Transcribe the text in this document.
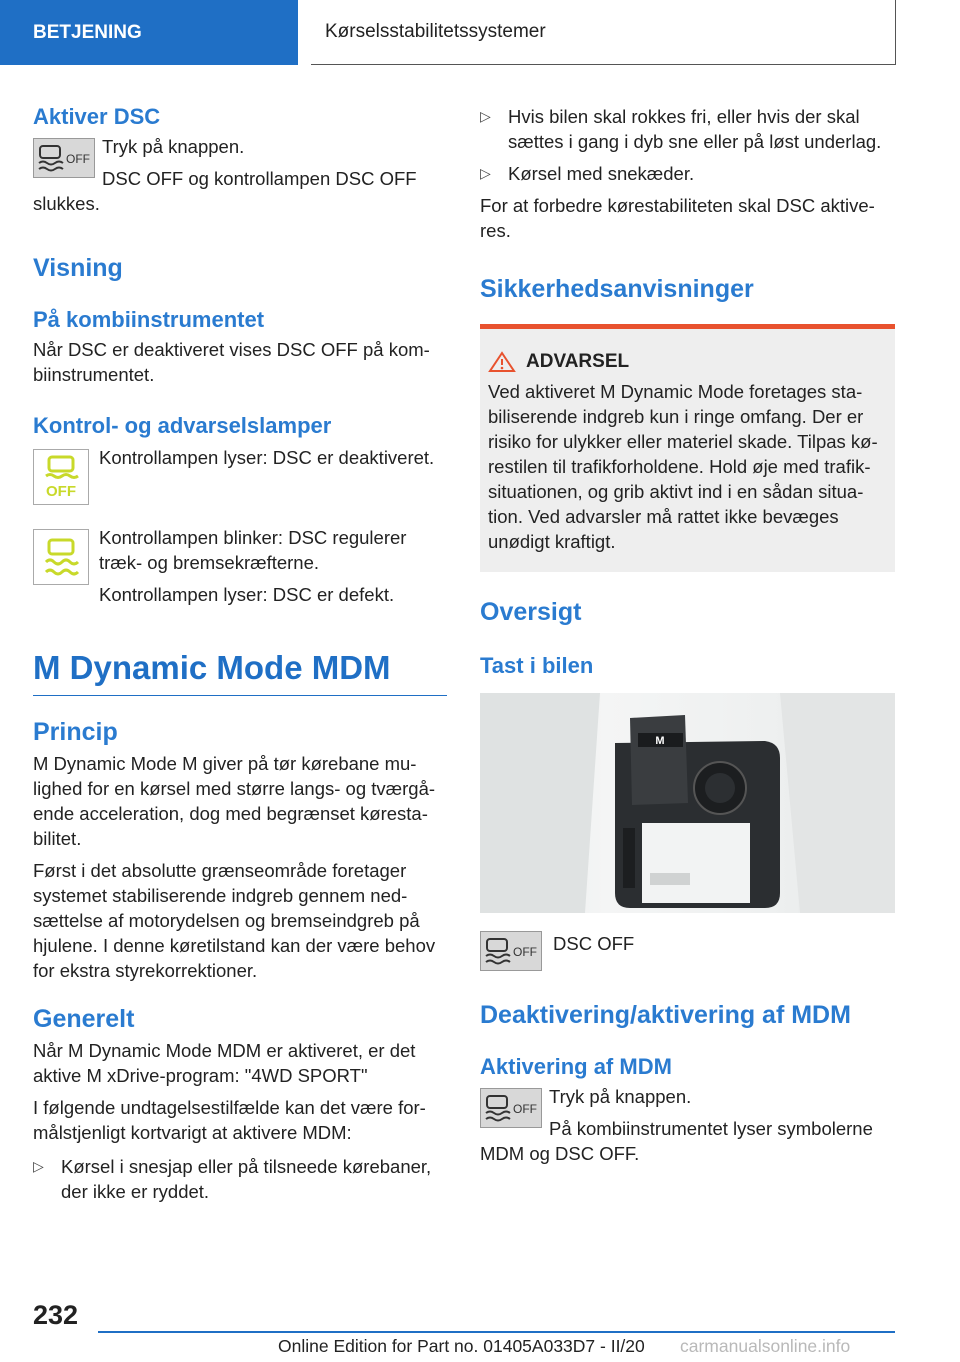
BETJENING	Kørselsstabilitetssystemer
Aktiver DSC
OFF

Tryk på knappen.

DSC OFF og kontrollampen DSC OFF

slukkes.

Visning
På kombiinstrumentet

Når DSC er deaktiveret vises DSC OFF på kom-biinstrumentet.

Kontrol- og advarselslamper
OFF

Kontrollampen lyser: DSC er deaktiveret.

Kontrollampen blinker: DSC regulerer træk- og bremsekræfterne.

Kontrollampen lyser: DSC er defekt.

M Dynamic Mode MDM
Princip

M Dynamic Mode M giver på tør kørebane mu-lighed for en kørsel med større langs- og tværgå-ende acceleration, dog med begrænset køresta-bilitet.

Først i det absolutte grænseområde foretager systemet stabiliserende indgreb gennem ned-sættelse af motorydelsen og bremseindgreb på hjulene. I denne køretilstand kan der være behov for ekstra styrekorrektioner.

Generelt

Når M Dynamic Mode MDM er aktiveret, er det aktive M xDrive-program: "4WD SPORT"

I følgende undtagelsestilfælde kan det være for-målstjenligt kortvarigt at aktivere MDM:

▷ Kørsel i snesjap eller på tilsneede kørebaner, der ikke er ryddet.

▷ Hvis bilen skal rokkes fri, eller hvis der skal sættes i gang i dyb sne eller på løst underlag.

▷ Kørsel med snekæder.

For at forbedre kørestabiliteten skal DSC aktive-res.

Sikkerhedsanvisninger
ADVARSEL

Ved aktiveret M Dynamic Mode foretages sta-biliserende indgreb kun i ringe omfang. Der er risiko for ulykker eller materiel skade. Tilpas kø-restilen til trafikforholdene. Hold øje med trafik-situationen, og grib aktivt ind i en sådan situa-tion. Ved advarsler må rattet ikke bevæges unødigt kraftigt.

Oversigt
Tast i bilen
M
OFF DSC OFF

Deaktivering/aktivering af MDM
Aktivering af MDM
OFF

Tryk på knappen.

På kombiinstrumentet lyser symbolerne

MDM og DSC OFF.

232
Online Edition for Part no. 01405A033D7 - II/20 carmanualsonline.info
